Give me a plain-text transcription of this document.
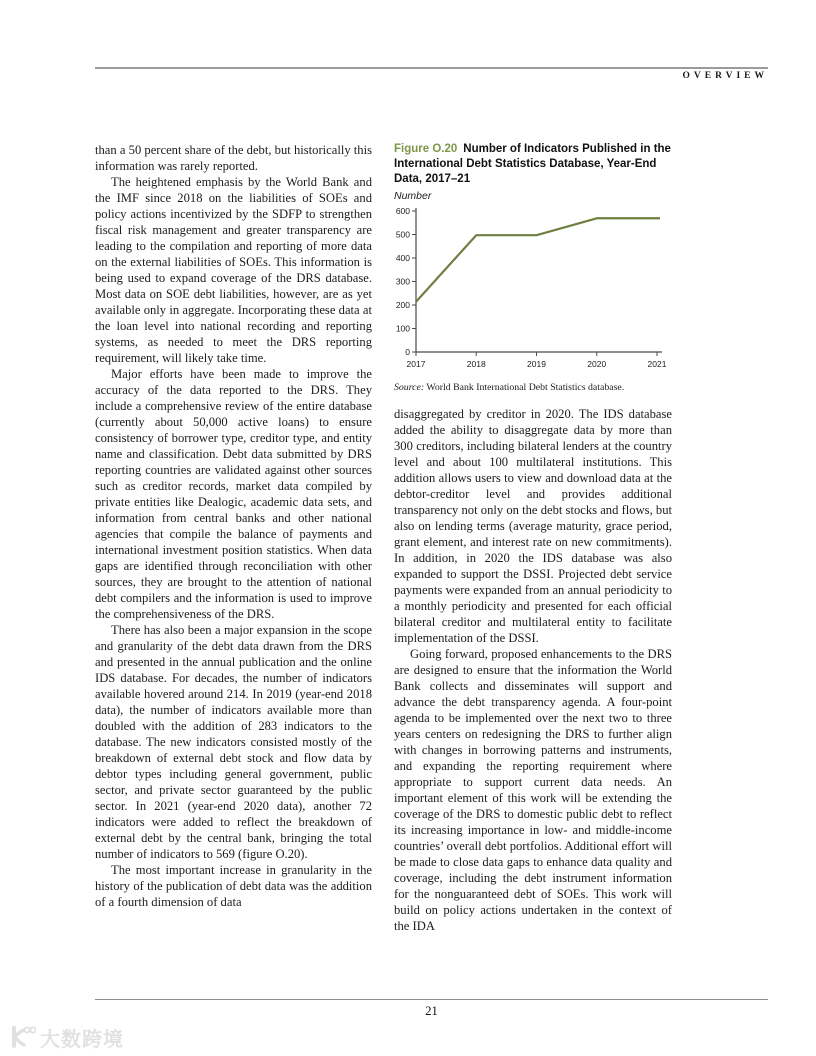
OVERVIEW

than a 50 percent share of the debt, but historically this information was rarely reported.

The heightened emphasis by the World Bank and the IMF since 2018 on the liabilities of SOEs and policy actions incentivized by the SDFP to strengthen fiscal risk management and greater transparency are leading to the compilation and reporting of more data on the external liabilities of SOEs. This information is being used to expand coverage of the DRS database. Most data on SOE debt liabilities, however, are as yet available only in aggregate. Incorporating these data at the loan level into national recording and reporting systems, as needed to meet the DRS reporting requirement, will likely take time.

Major efforts have been made to improve the accuracy of the data reported to the DRS. They include a comprehensive review of the entire database (currently about 50,000 active loans) to ensure consistency of borrower type, creditor type, and entity name and classification. Debt data submitted by DRS reporting countries are validated against other sources such as creditor records, market data compiled by private entities like Dealogic, academic data sets, and information from central banks and other national agencies that compile the balance of payments and international investment position statistics. When data gaps are identified through reconciliation with other sources, they are brought to the attention of national debt compilers and the information is used to improve the comprehensiveness of the DRS.

There has also been a major expansion in the scope and granularity of the debt data drawn from the DRS and presented in the annual publication and the online IDS database. For decades, the number of indicators available hovered around 214. In 2019 (year-end 2018 data), the number of indicators available more than doubled with the addition of 283 indicators to the database. The new indicators consisted mostly of the breakdown of external debt stock and flow data by debtor types including general government, public sector, and private sector guaranteed by the public sector. In 2021 (year-end 2020 data), another 72 indicators were added to reflect the breakdown of external debt by the central bank, bringing the total number of indicators to 569 (figure O.20).

The most important increase in granularity in the history of the publication of debt data was the addition of a fourth dimension of data

Figure O.20 Number of Indicators Published in the International Debt Statistics Database, Year-End Data, 2017–21
Number
0
100
200
300
400
500
600
2017	2018	2019	2020	2021
Source: World Bank International Debt Statistics database.

disaggregated by creditor in 2020. The IDS database added the ability to disaggregate data by more than 300 creditors, including bilateral lenders at the country level and about 100 multilateral institutions. This addition allows users to view and download data at the debtor-creditor level and provides additional transparency not only on the debt stocks and flows, but also on lending terms (average maturity, grace period, grant element, and interest rate on new commitments). In addition, in 2020 the IDS database was also expanded to support the DSSI. Projected debt service payments were expanded from an annual periodicity to a monthly periodicity and presented for each official bilateral creditor and multilateral entity to facilitate implementation of the DSSI.

Going forward, proposed enhancements to the DRS are designed to ensure that the information the World Bank collects and disseminates will support and advance the debt transparency agenda. A four-point agenda to be implemented over the next two to three years centers on redesigning the DRS to further align with changes in borrowing patterns and instruments, and expanding the reporting requirement where appropriate to support current data needs. An important element of this work will be extending the coverage of the DRS to domestic public debt to reflect its increasing importance in low- and middle-income countries’ overall debt portfolios. Additional effort will be made to close data gaps to enhance data quality and coverage, including the debt instrument information for the nonguaranteed debt of SOEs. This work will build on policy actions undertaken in the context of the IDA

21
大数跨境
